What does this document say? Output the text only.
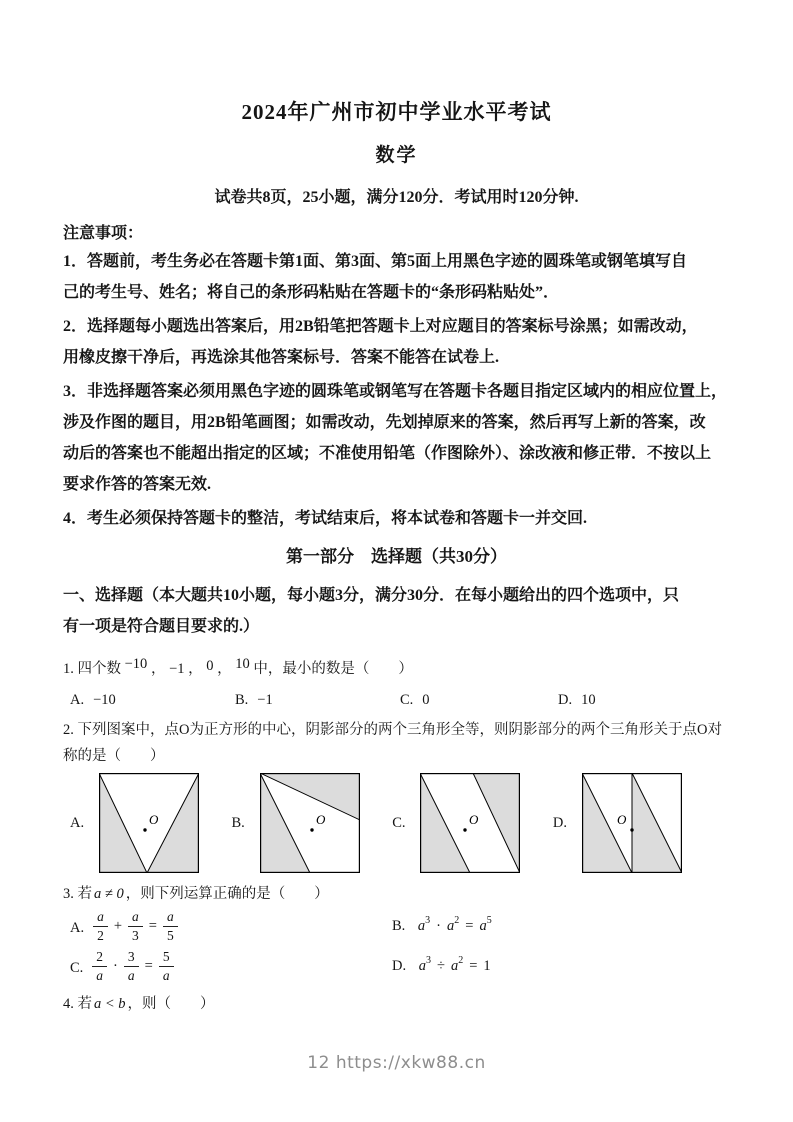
2024年广州市初中学业水平考试
数学
试卷共8页，25小题，满分120分．考试用时120分钟.
注意事项：
1．答题前，考生务必在答题卡第1面、第3面、第5面上用黑色字迹的圆珠笔或钢笔填写自
己的考生号、姓名；将自己的条形码粘贴在答题卡的“条形码粘贴处”．
2．选择题每小题选出答案后，用2B铅笔把答题卡上对应题目的答案标号涂黑；如需改动，
用橡皮擦干净后，再选涂其他答案标号．答案不能答在试卷上.
3．非选择题答案必须用黑色字迹的圆珠笔或钢笔写在答题卡各题目指定区域内的相应位置上，
涉及作图的题目，用2B铅笔画图；如需改动，先划掉原来的答案，然后再写上新的答案，改
动后的答案也不能超出指定的区域；不准使用铅笔（作图除外）、涂改液和修正带．不按以上
要求作答的答案无效.
4．考生必须保持答题卡的整洁，考试结束后，将本试卷和答题卡一并交回.
第一部分　选择题（共30分）
一、选择题（本大题共10小题，每小题3分，满分30分．在每小题给出的四个选项中，只
有一项是符合题目要求的.）
1. 四个数 −10 ， −1 ， 0 ， 10 中，最小的数是（　　）
A. −10	B. −1	C. 0	D. 10
2. 下列图案中，点O为正方形的中心，阴影部分的两个三角形全等，则阴影部分的两个三角形关于点O对
称的是（　　）
A.	O	B.	O	C.	O	D.	O
3. 若 a ≠ 0 ，则下列运算正确的是（　　）
A. $\frac{a}{2} + \frac{a}{3} = \frac{a}{5}$	B. $a^3 \cdot a^2 = a^5$
C. $\frac{2}{a} \cdot \frac{3}{a} = \frac{5}{a}$	D. $a^3 \div a^2 = 1$
4. 若 a < b ，则（　　）
12 https://xkw88.cn
